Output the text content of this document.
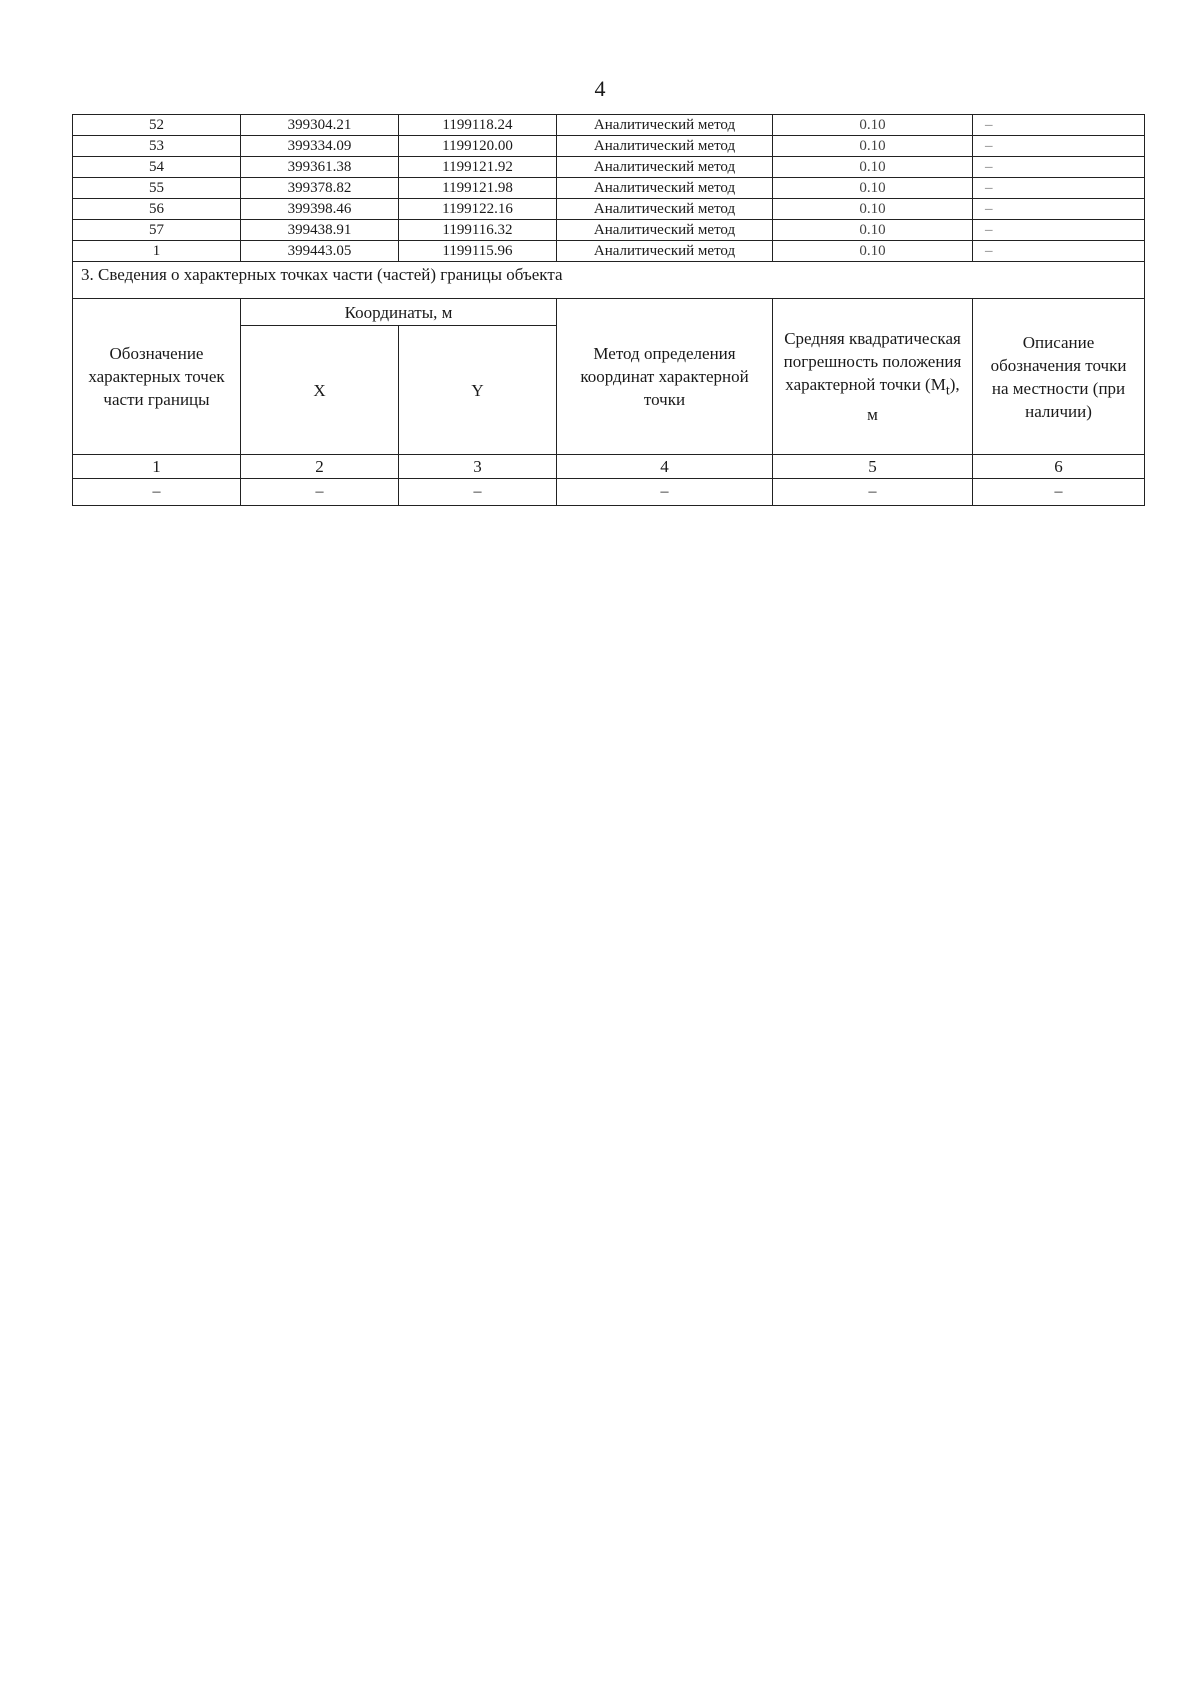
4
52	399304.21	1199118.24	Аналитический метод	0.10	–
53	399334.09	1199120.00	Аналитический метод	0.10	–
54	399361.38	1199121.92	Аналитический метод	0.10	–
55	399378.82	1199121.98	Аналитический метод	0.10	–
56	399398.46	1199122.16	Аналитический метод	0.10	–
57	399438.91	1199116.32	Аналитический метод	0.10	–
1	399443.05	1199115.96	Аналитический метод	0.10	–
3. Сведения о характерных точках части (частей) границы объекта					

Обозначение характерных точек части границы	Координаты, м		Метод определения координат характерной точки	Средняя квадратическая погрешность положения характерной точки $(M_t)$, м	Описание обозначения точки на местности (при наличии)

	X	Y			
1	2	3	4	5	6
–	–	–	–	–	–
